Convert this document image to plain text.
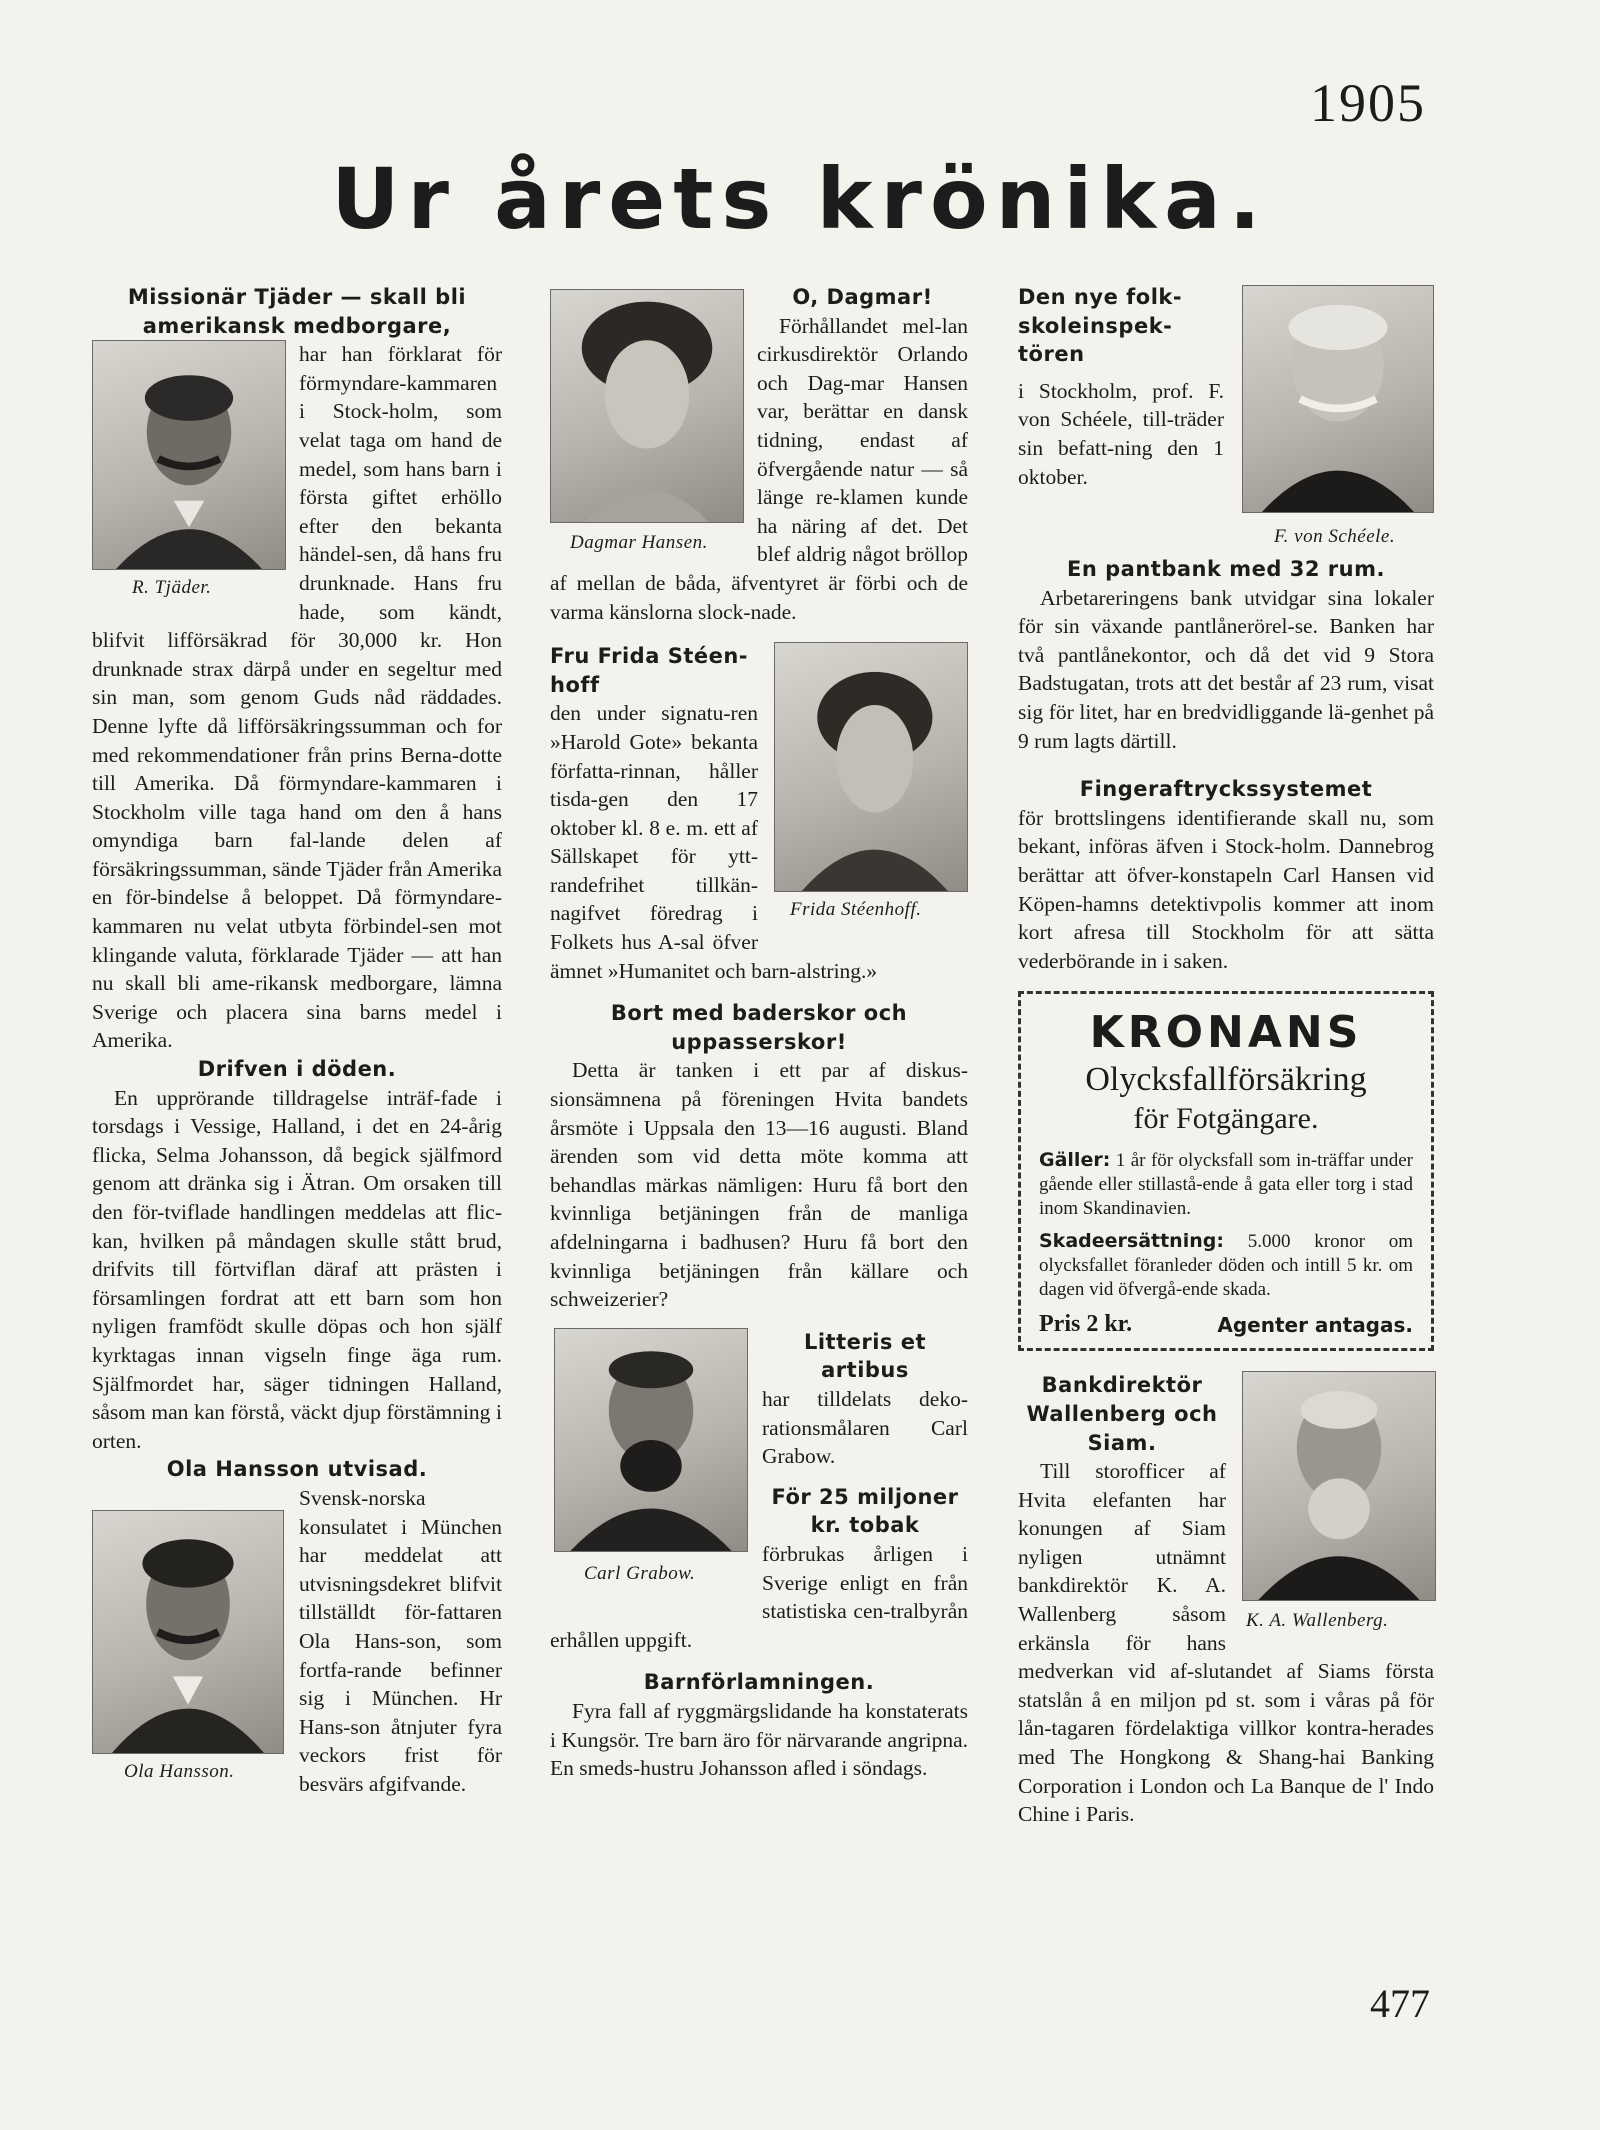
1905
Ur årets krönika.
Missionär Tjäder — skall bli amerikansk medborgare,
R. Tjäder.

har han förklarat för förmyndare-kammaren i Stock-holm, som velat taga om hand de medel, som hans barn i första giftet erhöllo efter den bekanta händel-sen, då hans fru drunknade. Hans fru hade, som kändt, blifvit lifförsäkrad för 30,000 kr. Hon drunknade strax därpå under en segeltur med sin man, som genom Guds nåd räddades. Denne lyfte då lifförsäkringssumman och for med rekommendationer från prins Berna-dotte till Amerika. Då förmyndare-kammaren i Stockholm ville taga hand om den å hans omyndiga barn fal-lande delen af försäkringssumman, sände Tjäder från Amerika en för-bindelse å beloppet. Då förmyndare-kammaren nu velat utbyta förbindel-sen mot klingande valuta, förklarade Tjäder — att han nu skall bli ame-rikansk medborgare, lämna Sverige och placera sina barns medel i Amerika.

Drifven i döden.

En upprörande tilldragelse inträf-fade i torsdags i Vessige, Halland, i det en 24-årig flicka, Selma Johansson, då begick själfmord genom att dränka sig i Ätran. Om orsaken till den för-tviflade handlingen meddelas att flic-kan, hvilken på måndagen skulle stått brud, drifvits till förtviflan däraf att prästen i församlingen fordrat att ett barn som hon nyligen framfödt skulle döpas och hon själf kyrktagas innan vigseln finge äga rum. Själfmordet har, säger tidningen Halland, såsom man kan förstå, väckt djup förstämning i orten.

Ola Hansson utvisad.
Ola Hansson.

Svensk-norska konsulatet i München har meddelat att utvisningsdekret blifvit tillställdt för-fattaren Ola Hans-son, som fortfa-rande befinner sig i München. Hr Hans-son åtnjuter fyra veckors frist för besvärs afgifvande.

Dagmar Hansen.
O, Dagmar!

Förhållandet mel-lan cirkusdirektör Orlando och Dag-mar Hansen var, berättar en dansk tidning, endast af öfvergående natur — så länge re-klamen kunde ha näring af det. Det blef aldrig något bröllop af mellan de båda, äfventyret är förbi och de varma känslorna slock-nade.

Frida Stéenhoff.
Fru Frida Stéen-hoff

den under signatu-ren »Harold Gote» bekanta författa-rinnan, håller tisda-gen den 17 oktober kl. 8 e. m. ett af Sällskapet för ytt-randefrihet tillkän-nagifvet föredrag i Folkets hus A-sal öfver ämnet »Humanitet och barn-alstring.»

Bort med baderskor och uppasserskor!

Detta är tanken i ett par af diskus-sionsämnena på föreningen Hvita bandets årsmöte i Uppsala den 13—16 augusti. Bland ärenden som vid detta möte komma att behandlas märkas nämligen: Huru få bort den kvinnliga betjäningen från de manliga afdelningarna i badhusen? Huru få bort den kvinnliga betjäningen från källare och schweizerier?

Carl Grabow.
Litteris et artibus

har tilldelats deko-rationsmålaren Carl Grabow.

För 25 miljoner kr. tobak

förbrukas årligen i Sverige enligt en från statistiska cen-tralbyrån erhållen uppgift.

Barnförlamningen.

Fyra fall af ryggmärgslidande ha konstaterats i Kungsör. Tre barn äro för närvarande angripna. En smeds-hustru Johansson afled i söndags.

F. von Schéele.
Den nye folk-skoleinspek-tören

i Stockholm, prof. F. von Schéele, till-träder sin befatt-ning den 1 oktober.

En pantbank med 32 rum.

Arbetareringens bank utvidgar sina lokaler för sin växande pantlånerörel-se. Banken har två pantlånekontor, och då det vid 9 Stora Badstugatan, trots att det består af 23 rum, visat sig för litet, har en bredvidliggande lä-genhet på 9 rum lagts därtill.

Fingeraftryckssystemet

för brottslingens identifierande skall nu, som bekant, införas äfven i Stock-holm. Dannebrog berättar att öfver-konstapeln Carl Hansen vid Köpen-hamns detektivpolis kommer att inom kort afresa till Stockholm för att sätta vederbörande in i saken.

KRONANS
Olycksfallförsäkring
för Fotgängare.
Gäller: 1 år för olycksfall som in-träffar under gående eller stillastå-ende å gata eller torg i stad inom Skandinavien.
Skadeersättning: 5.000 kronor om olycksfallet föranleder döden och intill 5 kr. om dagen vid öfvergå-ende skada.
Pris 2 kr.	Agenter antagas.
K. A. Wallenberg.
Bankdirektör Wallenberg och Siam.

Till storofficer af Hvita elefanten har konungen af Siam nyligen utnämnt bankdirektör K. A. Wallenberg såsom erkänsla för hans medverkan vid af-slutandet af Siams första statslån å en miljon pd st. som i våras på för lån-tagaren fördelaktiga villkor kontra-herades med The Hongkong & Shang-hai Banking Corporation i London och La Banque de l' Indo Chine i Paris.

477
